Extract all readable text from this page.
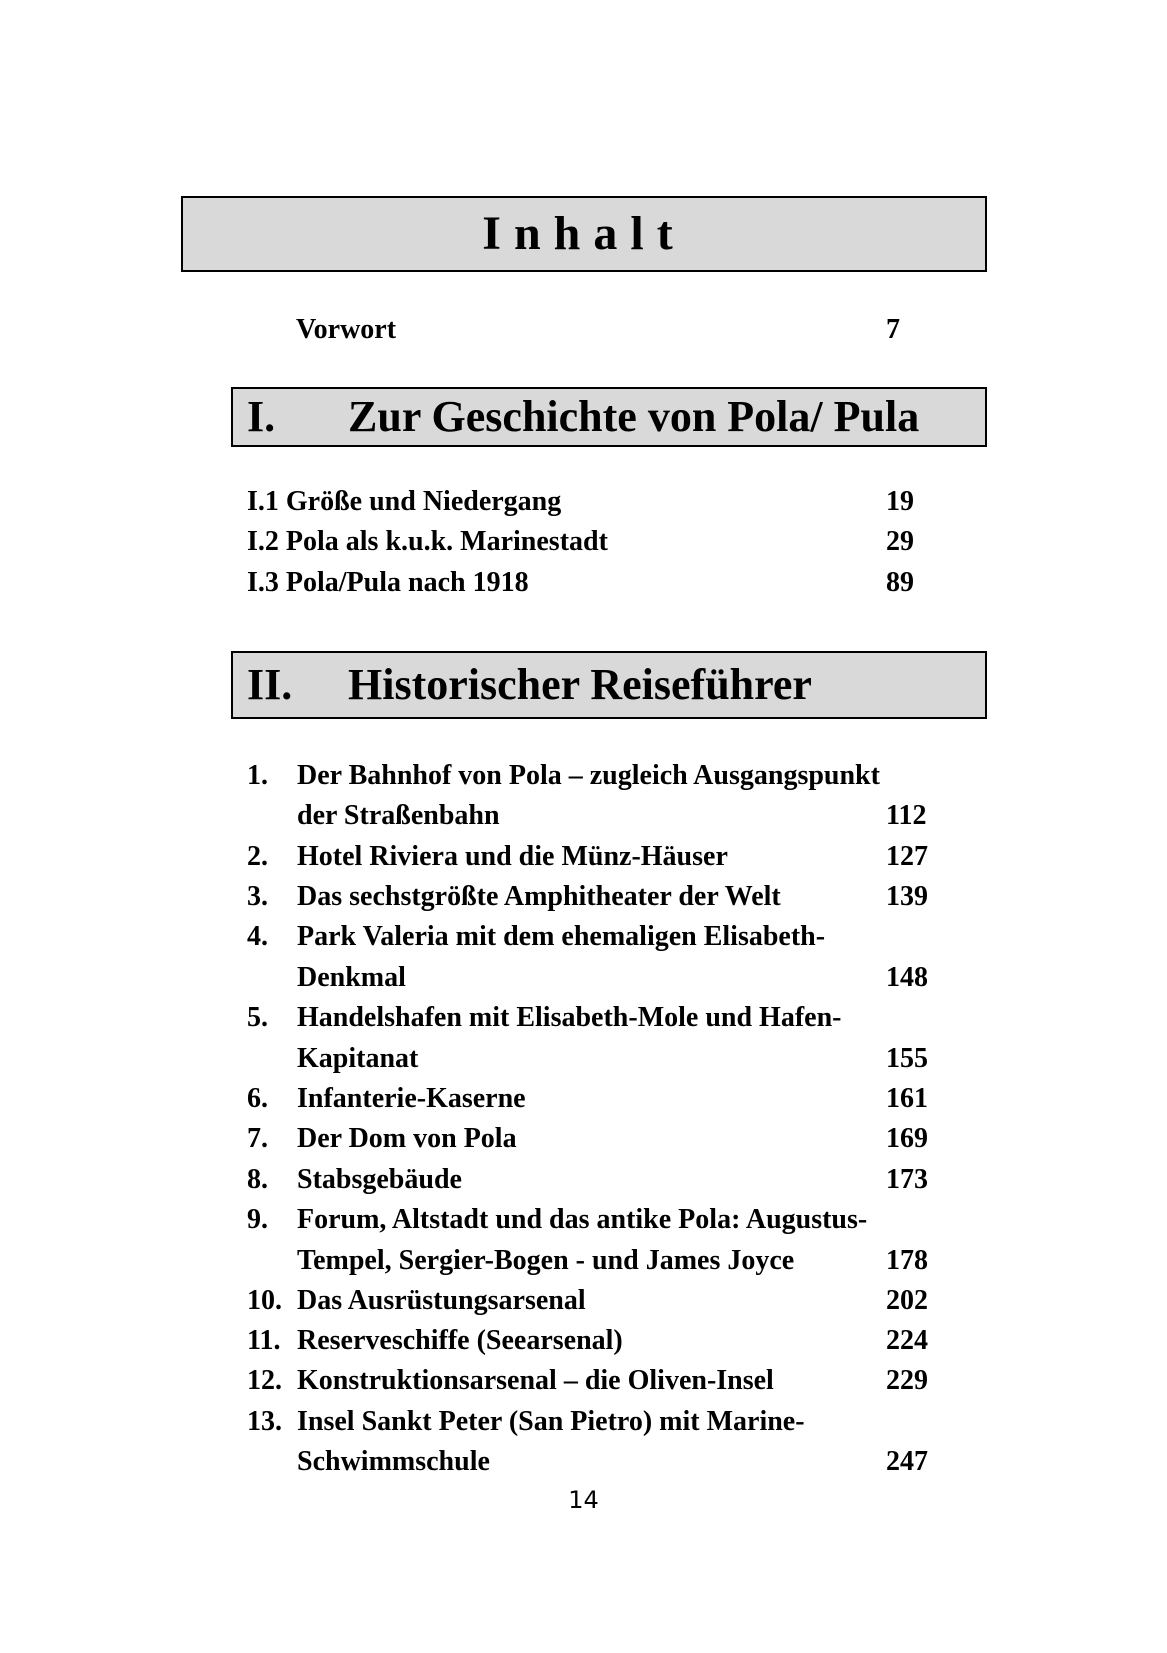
Inhalt
Vorwort	7
I. Zur Geschichte von Pola/ Pula
I.1 Größe und Niedergang	19
I.2 Pola als k.u.k. Marinestadt	29
I.3 Pola/Pula nach 1918	89
II. Historischer Reiseführer
1. Der Bahnhof von Pola – zugleich Ausgangspunkt
der Straßenbahn	112
2. Hotel Riviera und die Münz-Häuser	127
3. Das sechstgrößte Amphitheater der Welt	139
4. Park Valeria mit dem ehemaligen Elisabeth-
Denkmal	148
5. Handelshafen mit Elisabeth-Mole und Hafen-
Kapitanat	155
6. Infanterie-Kaserne	161
7. Der Dom von Pola	169
8. Stabsgebäude	173
9. Forum, Altstadt und das antike Pola: Augustus-
Tempel, Sergier-Bogen - und James Joyce	178
10. Das Ausrüstungsarsenal	202
11. Reserveschiffe (Seearsenal)	224
12. Konstruktionsarsenal – die Oliven-Insel	229
13. Insel Sankt Peter (San Pietro) mit Marine-
Schwimmschule	247
14
